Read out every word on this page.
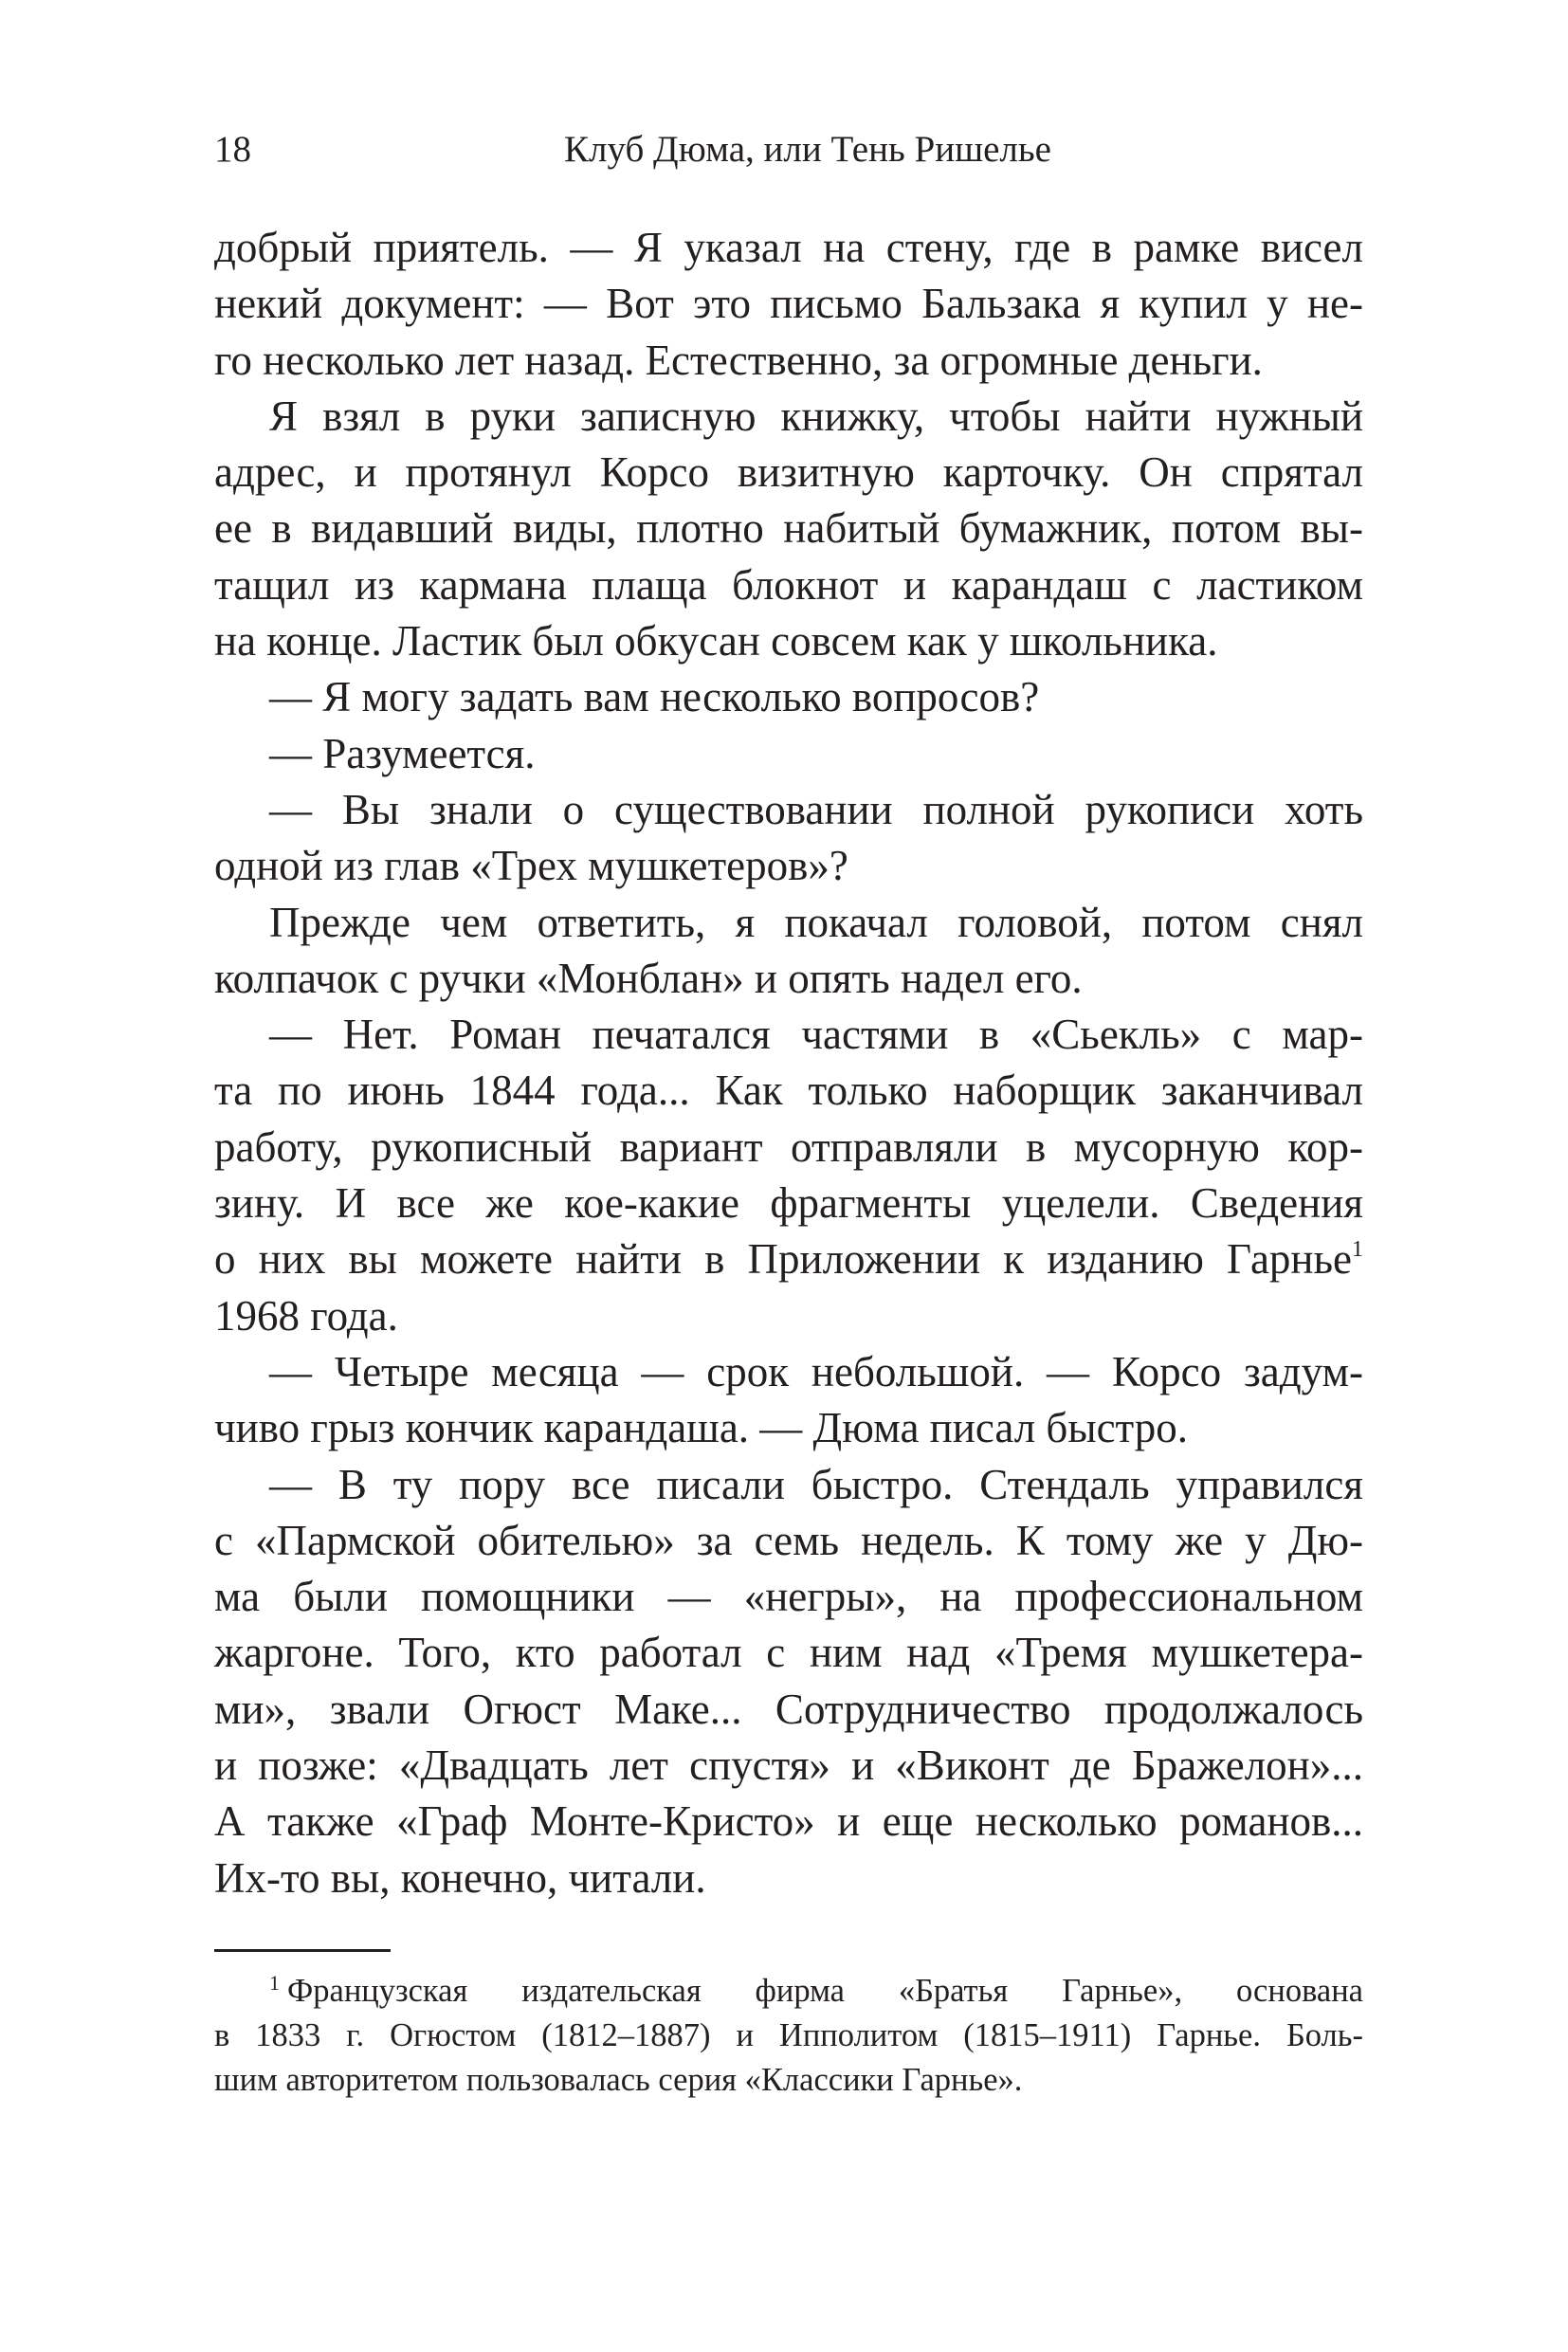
18	Клуб Дюма, или Тень Ришелье
добрый приятель. — Я указал на стену, где в рамке висел
некий документ: — Вот это письмо Бальзака я купил у не-
го несколько лет назад. Естественно, за огромные деньги.
Я взял в руки записную книжку, чтобы найти нужный
адрес, и протянул Корсо визитную карточку. Он спрятал
ее в видавший виды, плотно набитый бумажник, потом вы-
тащил из кармана плаща блокнот и карандаш с ластиком
на конце. Ластик был обкусан совсем как у школьника.
— Я могу задать вам несколько вопросов?
— Разумеется.
— Вы знали о существовании полной рукописи хоть
одной из глав «Трех мушкетеров»?
Прежде чем ответить, я покачал головой, потом снял
колпачок с ручки «Монблан» и опять надел его.
— Нет. Роман печатался частями в «Сьекль» с мар-
та по июнь 1844 года... Как только наборщик заканчивал
работу, рукописный вариант отправляли в мусорную кор-
зину. И все же кое-какие фрагменты уцелели. Сведения
о них вы можете найти в Приложении к изданию Гарнье$^1$
1968 года.
— Четыре месяца — срок небольшой. — Корсо задум-
чиво грыз кончик карандаша. — Дюма писал быстро.
— В ту пору все писали быстро. Стендаль управился
с «Пармской обителью» за семь недель. К тому же у Дю-
ма были помощники — «негры», на профессиональном
жаргоне. Того, кто работал с ним над «Тремя мушкетера-
ми», звали Огюст Маке... Сотрудничество продолжалось
и позже: «Двадцать лет спустя» и «Виконт де Бражелон»...
А также «Граф Монте-Кристо» и еще несколько романов...
Их-то вы, конечно, читали.
$^1$ Французская издательская фирма «Братья Гарнье», основана
в 1833 г. Огюстом (1812–1887) и Ипполитом (1815–1911) Гарнье. Боль-
шим авторитетом пользовалась серия «Классики Гарнье».
